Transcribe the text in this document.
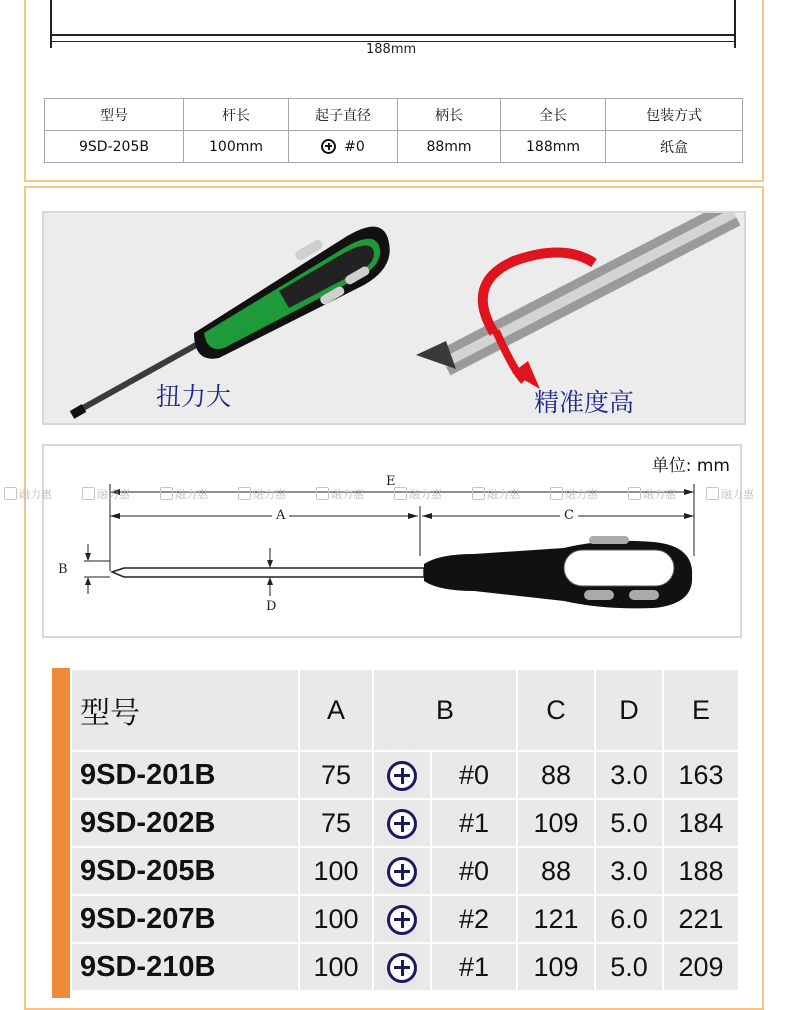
188mm
型号	杆长	起子直径	柄长	全长	包装方式
9SD-205B	100mm	#0	88mm	188mm	纸盒
扭力大	精准度高
单位: mm
E
A	C
B
D
融力惠	融力惠	融力惠	融力惠	融力惠	融力惠	融力惠	融力惠	融力惠	融力惠
型号	A	B		C	D	E
9SD-201B	75		#0	88	3.0	163
9SD-202B	75		#1	109	5.0	184
9SD-205B	100		#0	88	3.0	188
9SD-207B	100		#2	121	6.0	221
9SD-210B	100		#1	109	5.0	209
